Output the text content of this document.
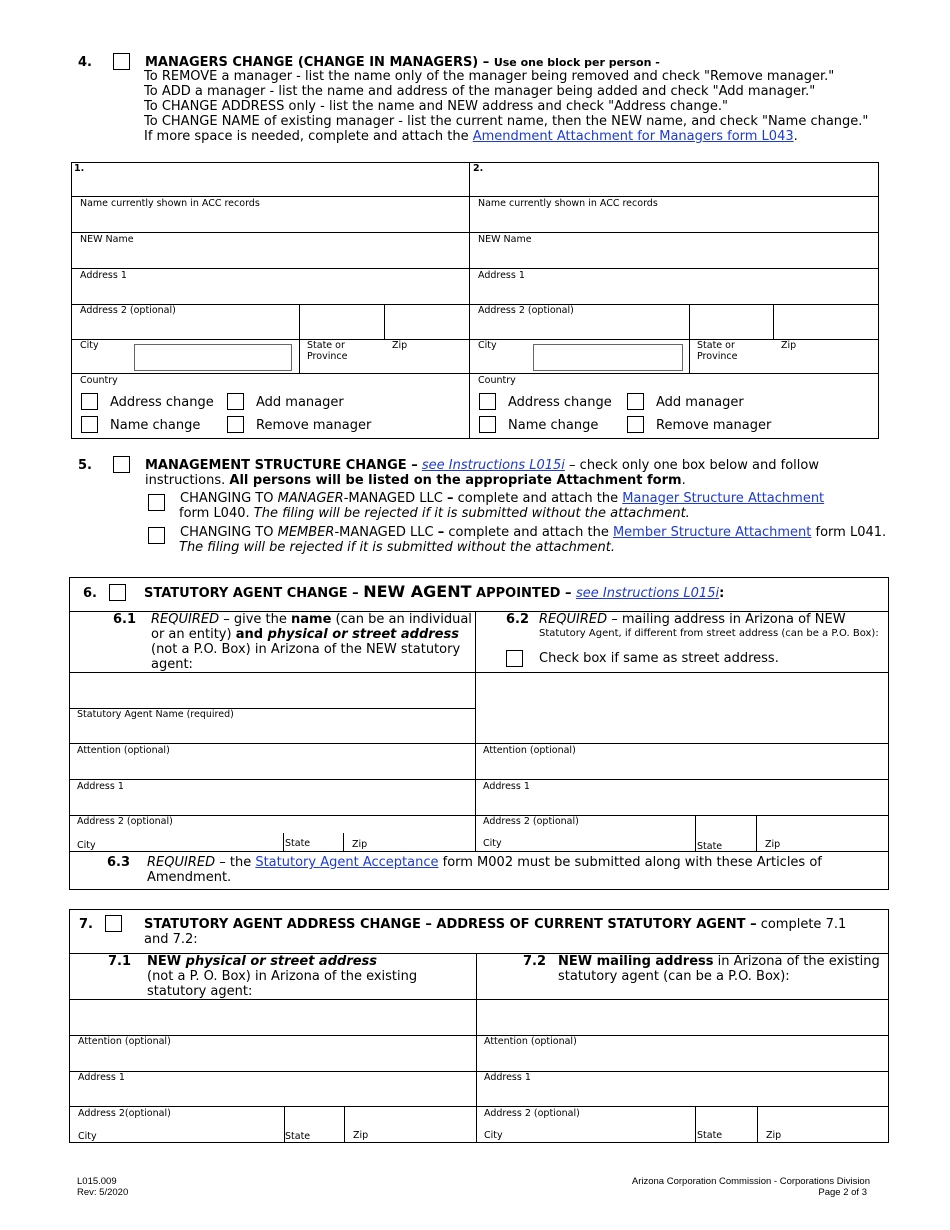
4.	MANAGERS CHANGE (CHANGE IN MANAGERS) – Use one block per person -
To REMOVE a manager - list the name only of the manager being removed and check "Remove manager."
To ADD a manager - list the name and address of the manager being added and check "Add manager."
To CHANGE ADDRESS only - list the name and NEW address and check "Address change."
To CHANGE NAME of existing manager - list the current name, then the NEW name, and check "Name change."
If more space is needed, complete and attach the Amendment Attachment for Managers form L043.
1.
Name currently shown in ACC records
NEW Name
Address 1
Address 2 (optional)
City	State or
Province
Zip
Country
Address change	Add manager
Name change	Remove manager
2.
Name currently shown in ACC records
NEW Name
Address 1
Address 2 (optional)
City	State or
Province
Zip
Country
Address change	Add manager
Name change	Remove manager
5.	MANAGEMENT STRUCTURE CHANGE – see Instructions L015i – check only one box below and follow
instructions. All persons will be listed on the appropriate Attachment form.
CHANGING TO MANAGER-MANAGED LLC – complete and attach the Manager Structure Attachment
form L040. The filing will be rejected if it is submitted without the attachment.
CHANGING TO MEMBER-MANAGED LLC – complete and attach the Member Structure Attachment form L041.
The filing will be rejected if it is submitted without the attachment.
6.	STATUTORY AGENT CHANGE – NEW AGENT APPOINTED – see Instructions L015i:
6.1 REQUIRED – give the name (can be an individual
or an entity) and physical or street address
(not a P.O. Box) in Arizona of the NEW statutory
agent:
6.2 REQUIRED – mailing address in Arizona of NEW
Statutory Agent, if different from street address (can be a P.O. Box):
Check box if same as street address.
Statutory Agent Name (required)
Attention (optional)	Attention (optional)
Address 1	Address 1
Address 2 (optional)	Address 2 (optional)
City	State	Zip	City	State	Zip
6.3 REQUIRED – the Statutory Agent Acceptance form M002 must be submitted along with these Articles of
Amendment.
7.	STATUTORY AGENT ADDRESS CHANGE – ADDRESS OF CURRENT STATUTORY AGENT – complete 7.1
and 7.2:
7.1 NEW physical or street address
(not a P. O. Box) in Arizona of the existing
statutory agent:
7.2 NEW mailing address in Arizona of the existing
statutory agent (can be a P.O. Box):
Attention (optional)	Attention (optional)
Address 1	Address 1
Address 2(optional)	Address 2 (optional)
City	State	Zip	City	State	Zip
L015.009
Rev: 5/2020
Arizona Corporation Commission - Corporations Division
Page 2 of 3
